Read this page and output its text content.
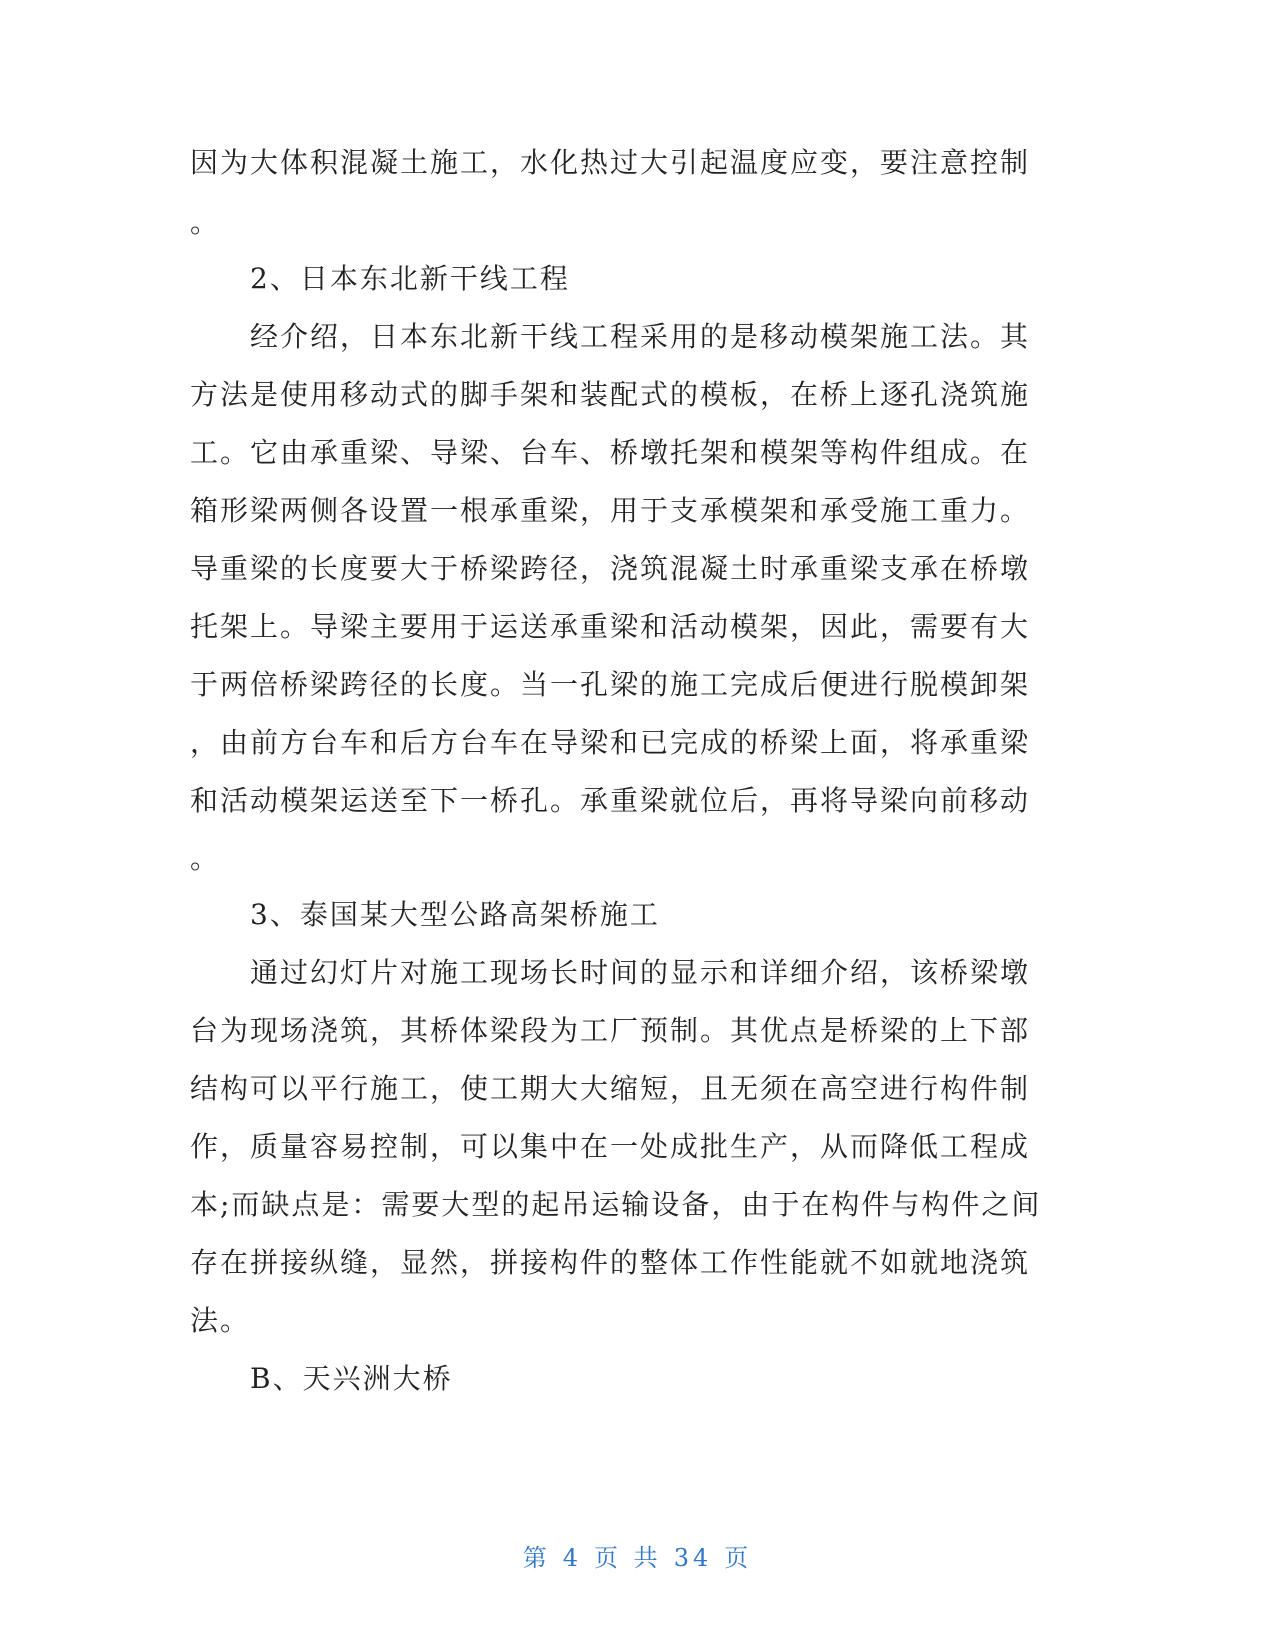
因为大体积混凝土施工，水化热过大引起温度应变，要注意控制
。
2、日本东北新干线工程
经介绍，日本东北新干线工程采用的是移动模架施工法。其
方法是使用移动式的脚手架和装配式的模板，在桥上逐孔浇筑施
工。它由承重梁、导梁、台车、桥墩托架和模架等构件组成。在
箱形梁两侧各设置一根承重梁，用于支承模架和承受施工重力。
导重梁的长度要大于桥梁跨径，浇筑混凝土时承重梁支承在桥墩
托架上。导梁主要用于运送承重梁和活动模架，因此，需要有大
于两倍桥梁跨径的长度。当一孔梁的施工完成后便进行脱模卸架
，由前方台车和后方台车在导梁和已完成的桥梁上面，将承重梁
和活动模架运送至下一桥孔。承重梁就位后，再将导梁向前移动
。
3、泰国某大型公路高架桥施工
通过幻灯片对施工现场长时间的显示和详细介绍，该桥梁墩
台为现场浇筑，其桥体梁段为工厂预制。其优点是桥梁的上下部
结构可以平行施工，使工期大大缩短，且无须在高空进行构件制
作，质量容易控制，可以集中在一处成批生产，从而降低工程成
本;而缺点是：需要大型的起吊运输设备，由于在构件与构件之间
存在拼接纵缝，显然，拼接构件的整体工作性能就不如就地浇筑
法。
B、天兴洲大桥
第 4 页 共 34 页
